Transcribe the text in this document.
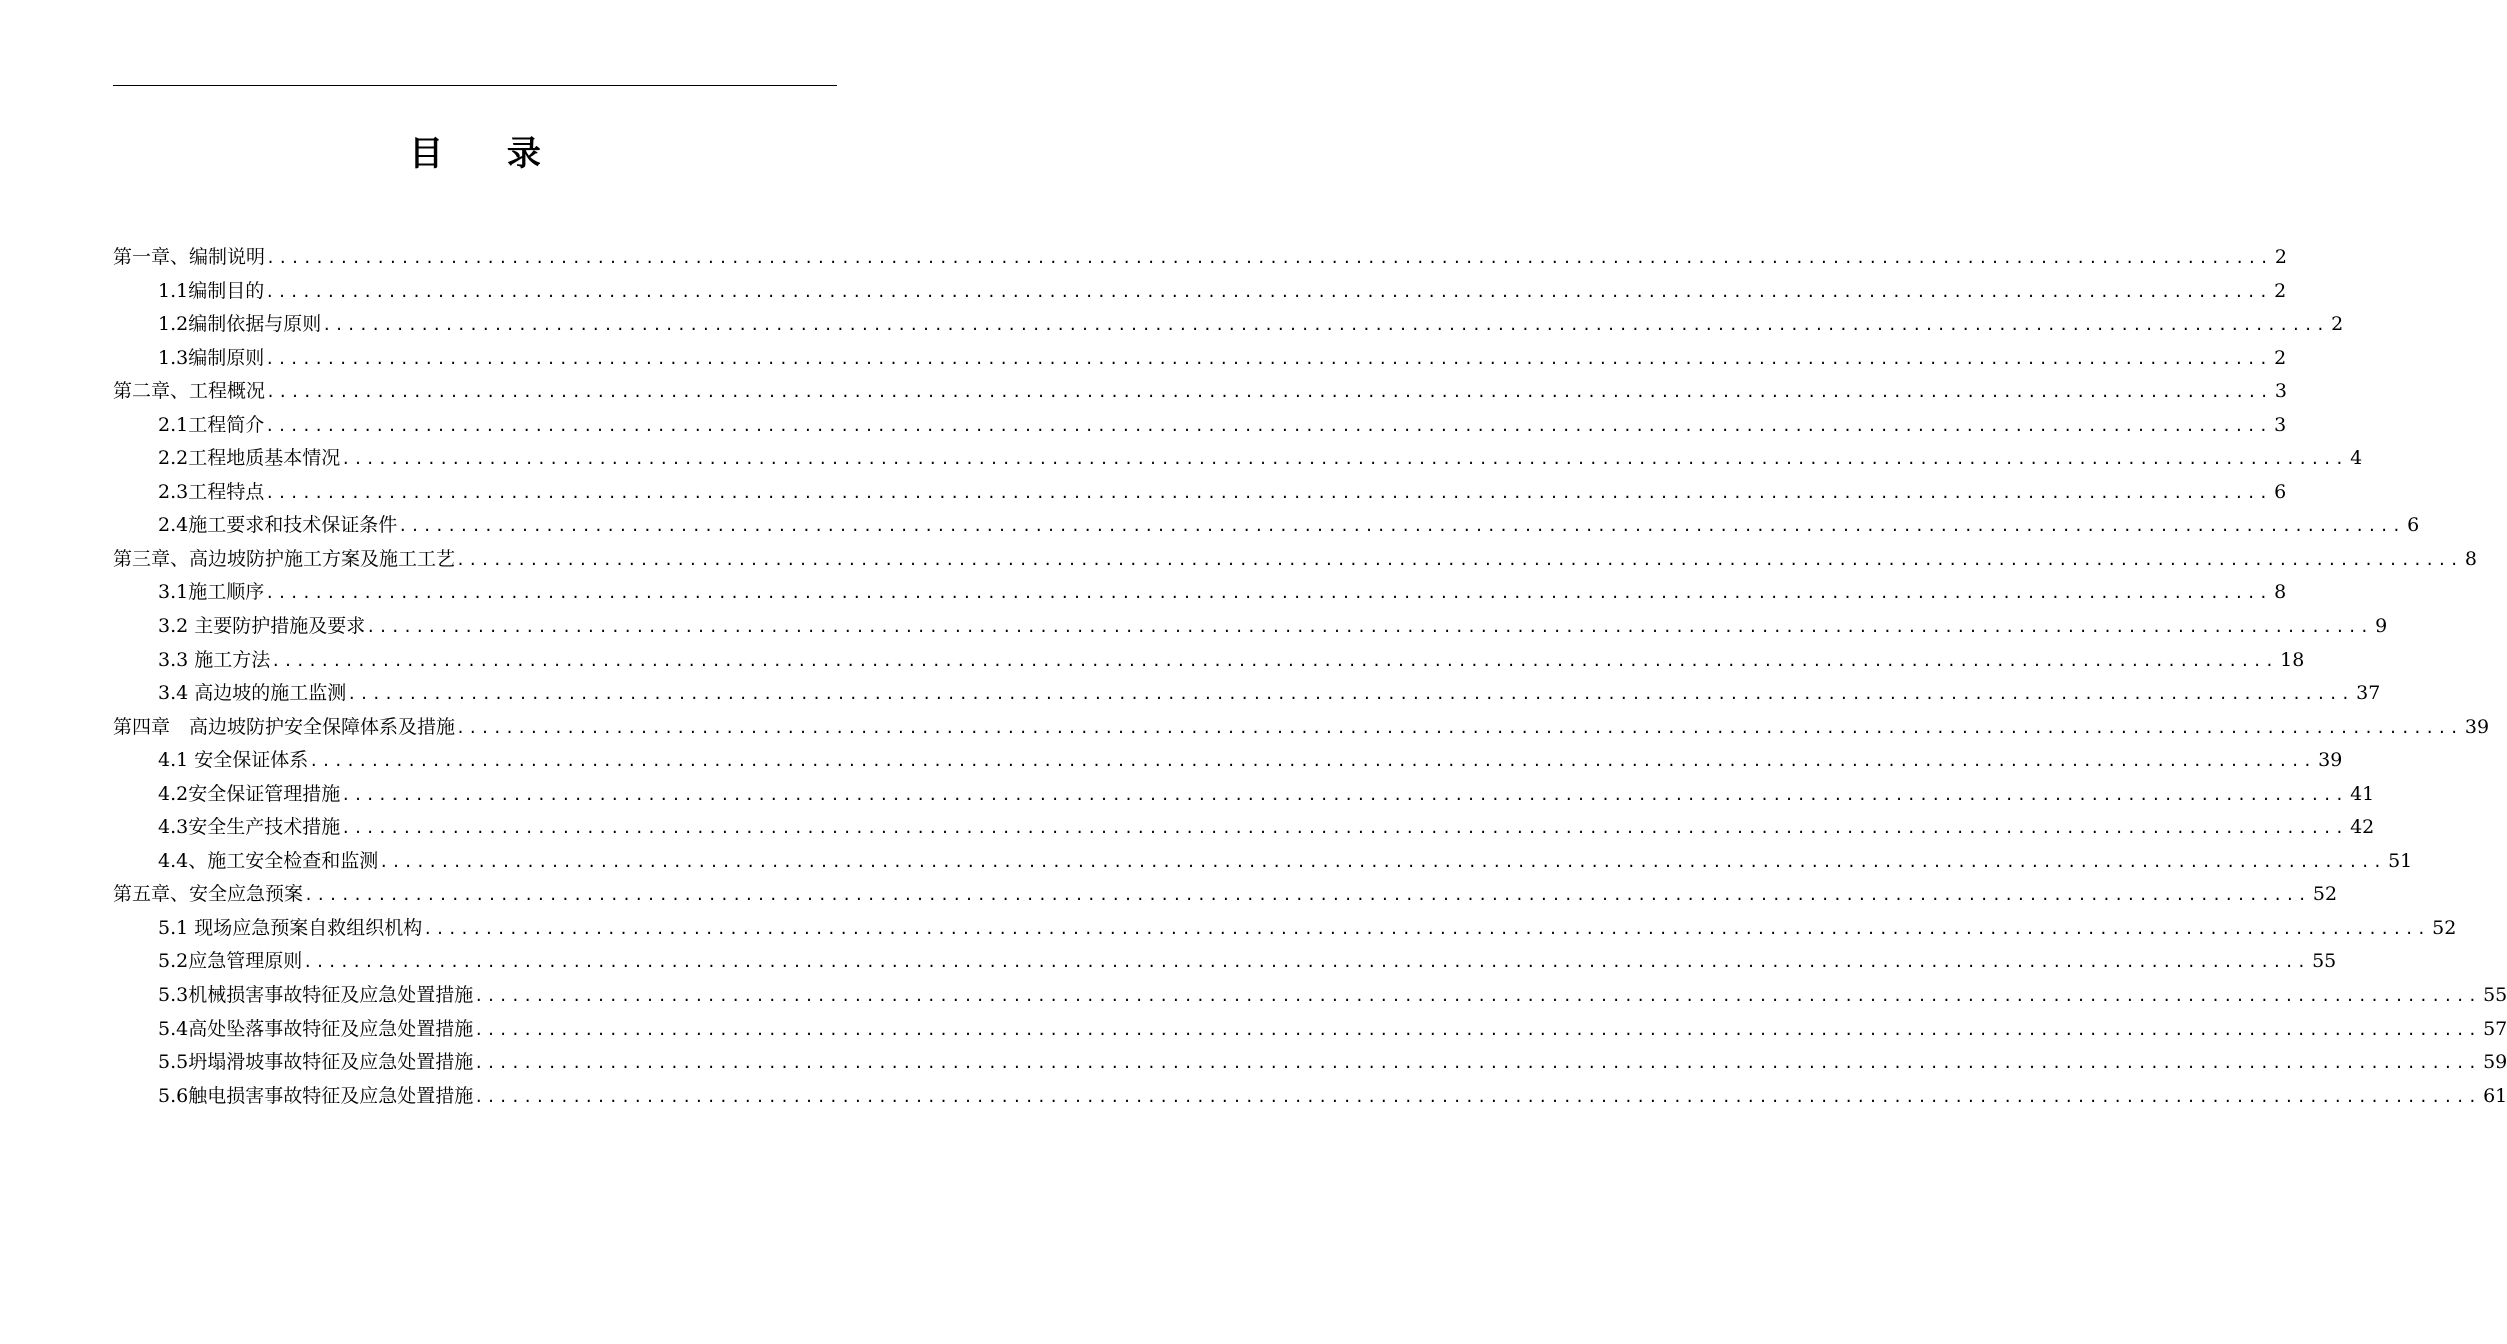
目 录
第一章、编制说明 .................................................................................................................................................................... 2
1.1编制目的 .................................................................................................................................................................... 2
1.2编制依据与原则 .................................................................................................................................................................... 2
1.3编制原则 .................................................................................................................................................................... 2
第二章、工程概况 .................................................................................................................................................................... 3
2.1工程简介 .................................................................................................................................................................... 3
2.2工程地质基本情况 .................................................................................................................................................................... 4
2.3工程特点 .................................................................................................................................................................... 6
2.4施工要求和技术保证条件 .................................................................................................................................................................... 6
第三章、高边坡防护施工方案及施工工艺 .................................................................................................................................................................... 8
3.1施工顺序 .................................................................................................................................................................... 8
3.2 主要防护措施及要求 .................................................................................................................................................................... 9
3.3 施工方法 .................................................................................................................................................................... 18
3.4 高边坡的施工监测 .................................................................................................................................................................... 37
第四章　高边坡防护安全保障体系及措施 .................................................................................................................................................................... 39
4.1 安全保证体系 .................................................................................................................................................................... 39
4.2安全保证管理措施 .................................................................................................................................................................... 41
4.3安全生产技术措施 .................................................................................................................................................................... 42
4.4、施工安全检查和监测 .................................................................................................................................................................... 51
第五章、安全应急预案 .................................................................................................................................................................... 52
5.1 现场应急预案自救组织机构 .................................................................................................................................................................... 52
5.2应急管理原则 .................................................................................................................................................................... 55
5.3机械损害事故特征及应急处置措施 .................................................................................................................................................................... 55
5.4高处坠落事故特征及应急处置措施 .................................................................................................................................................................... 57
5.5坍塌滑坡事故特征及应急处置措施 .................................................................................................................................................................... 59
5.6触电损害事故特征及应急处置措施 .................................................................................................................................................................... 61
